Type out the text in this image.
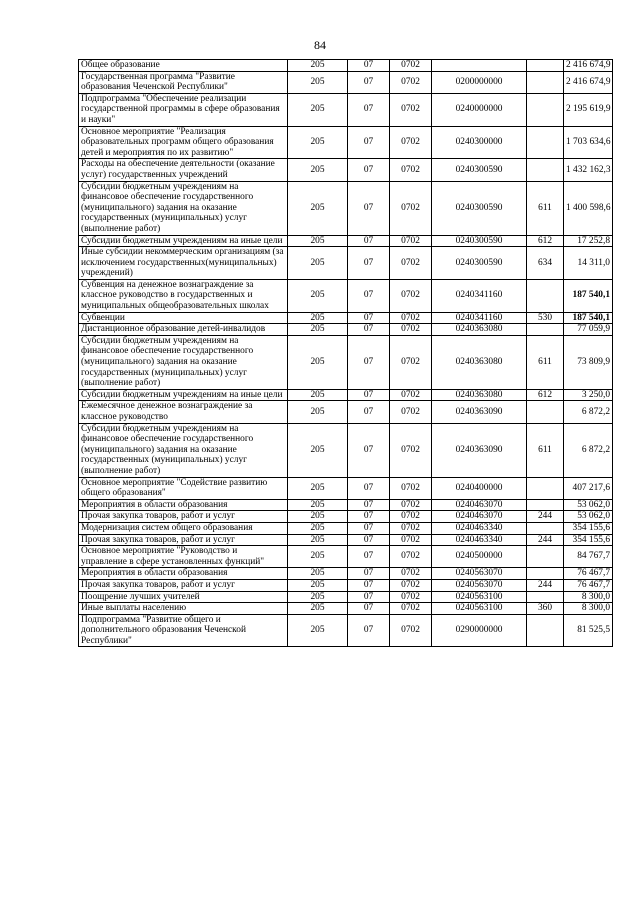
84
Общее образование	205	07	0702			2 416 674,9
Государственная программа "Развитие образования Чеченской Республики"	205	07	0702	0200000000		2 416 674,9
Подпрограмма "Обеспечение реализации государственной программы в сфере образования и науки"	205	07	0702	0240000000		2 195 619,9
Основное мероприятие "Реализация образовательных программ общего образования детей и мероприятия по их развитию"	205	07	0702	0240300000		1 703 634,6
Расходы на обеспечение деятельности (оказание услуг) государственных учреждений	205	07	0702	0240300590		1 432 162,3
Субсидии бюджетным учреждениям на финансовое обеспечение государственного (муниципального) задания на оказание государственных (муниципальных) услуг (выполнение работ)	205	07	0702	0240300590	611	1 400 598,6
Субсидии бюджетным учреждениям на иные цели	205	07	0702	0240300590	612	17 252,8
Иные субсидии некоммерческим организациям (за исключением государственных(муниципальных) учреждений)	205	07	0702	0240300590	634	14 311,0
Субвенция на денежное вознаграждение за классное руководство в государственных и муниципальных общеобразовательных школах	205	07	0702	0240341160		187 540,1
Субвенции	205	07	0702	0240341160	530	187 540,1
Дистанционное образование детей-инвалидов	205	07	0702	0240363080		77 059,9
Субсидии бюджетным учреждениям на финансовое обеспечение государственного (муниципального) задания на оказание государственных (муниципальных) услуг (выполнение работ)	205	07	0702	0240363080	611	73 809,9
Субсидии бюджетным учреждениям на иные цели	205	07	0702	0240363080	612	3 250,0
Ежемесячное денежное вознаграждение за классное руководство	205	07	0702	0240363090		6 872,2
Субсидии бюджетным учреждениям на финансовое обеспечение государственного (муниципального) задания на оказание государственных (муниципальных) услуг (выполнение работ)	205	07	0702	0240363090	611	6 872,2
Основное мероприятие "Содействие развитию общего образования"	205	07	0702	0240400000		407 217,6
Мероприятия в области образования	205	07	0702	0240463070		53 062,0
Прочая закупка товаров, работ и услуг	205	07	0702	0240463070	244	53 062,0
Модернизация систем общего образования	205	07	0702	0240463340		354 155,6
Прочая закупка товаров, работ и услуг	205	07	0702	0240463340	244	354 155,6
Основное мероприятие "Руководство и управление в сфере установленных функций"	205	07	0702	0240500000		84 767,7
Мероприятия в области образования	205	07	0702	0240563070		76 467,7
Прочая закупка товаров, работ и услуг	205	07	0702	0240563070	244	76 467,7
Поощрение лучших учителей	205	07	0702	0240563100		8 300,0
Иные выплаты населению	205	07	0702	0240563100	360	8 300,0
Подпрограмма "Развитие общего и дополнительного образования Чеченской Республики"	205	07	0702	0290000000		81 525,5
